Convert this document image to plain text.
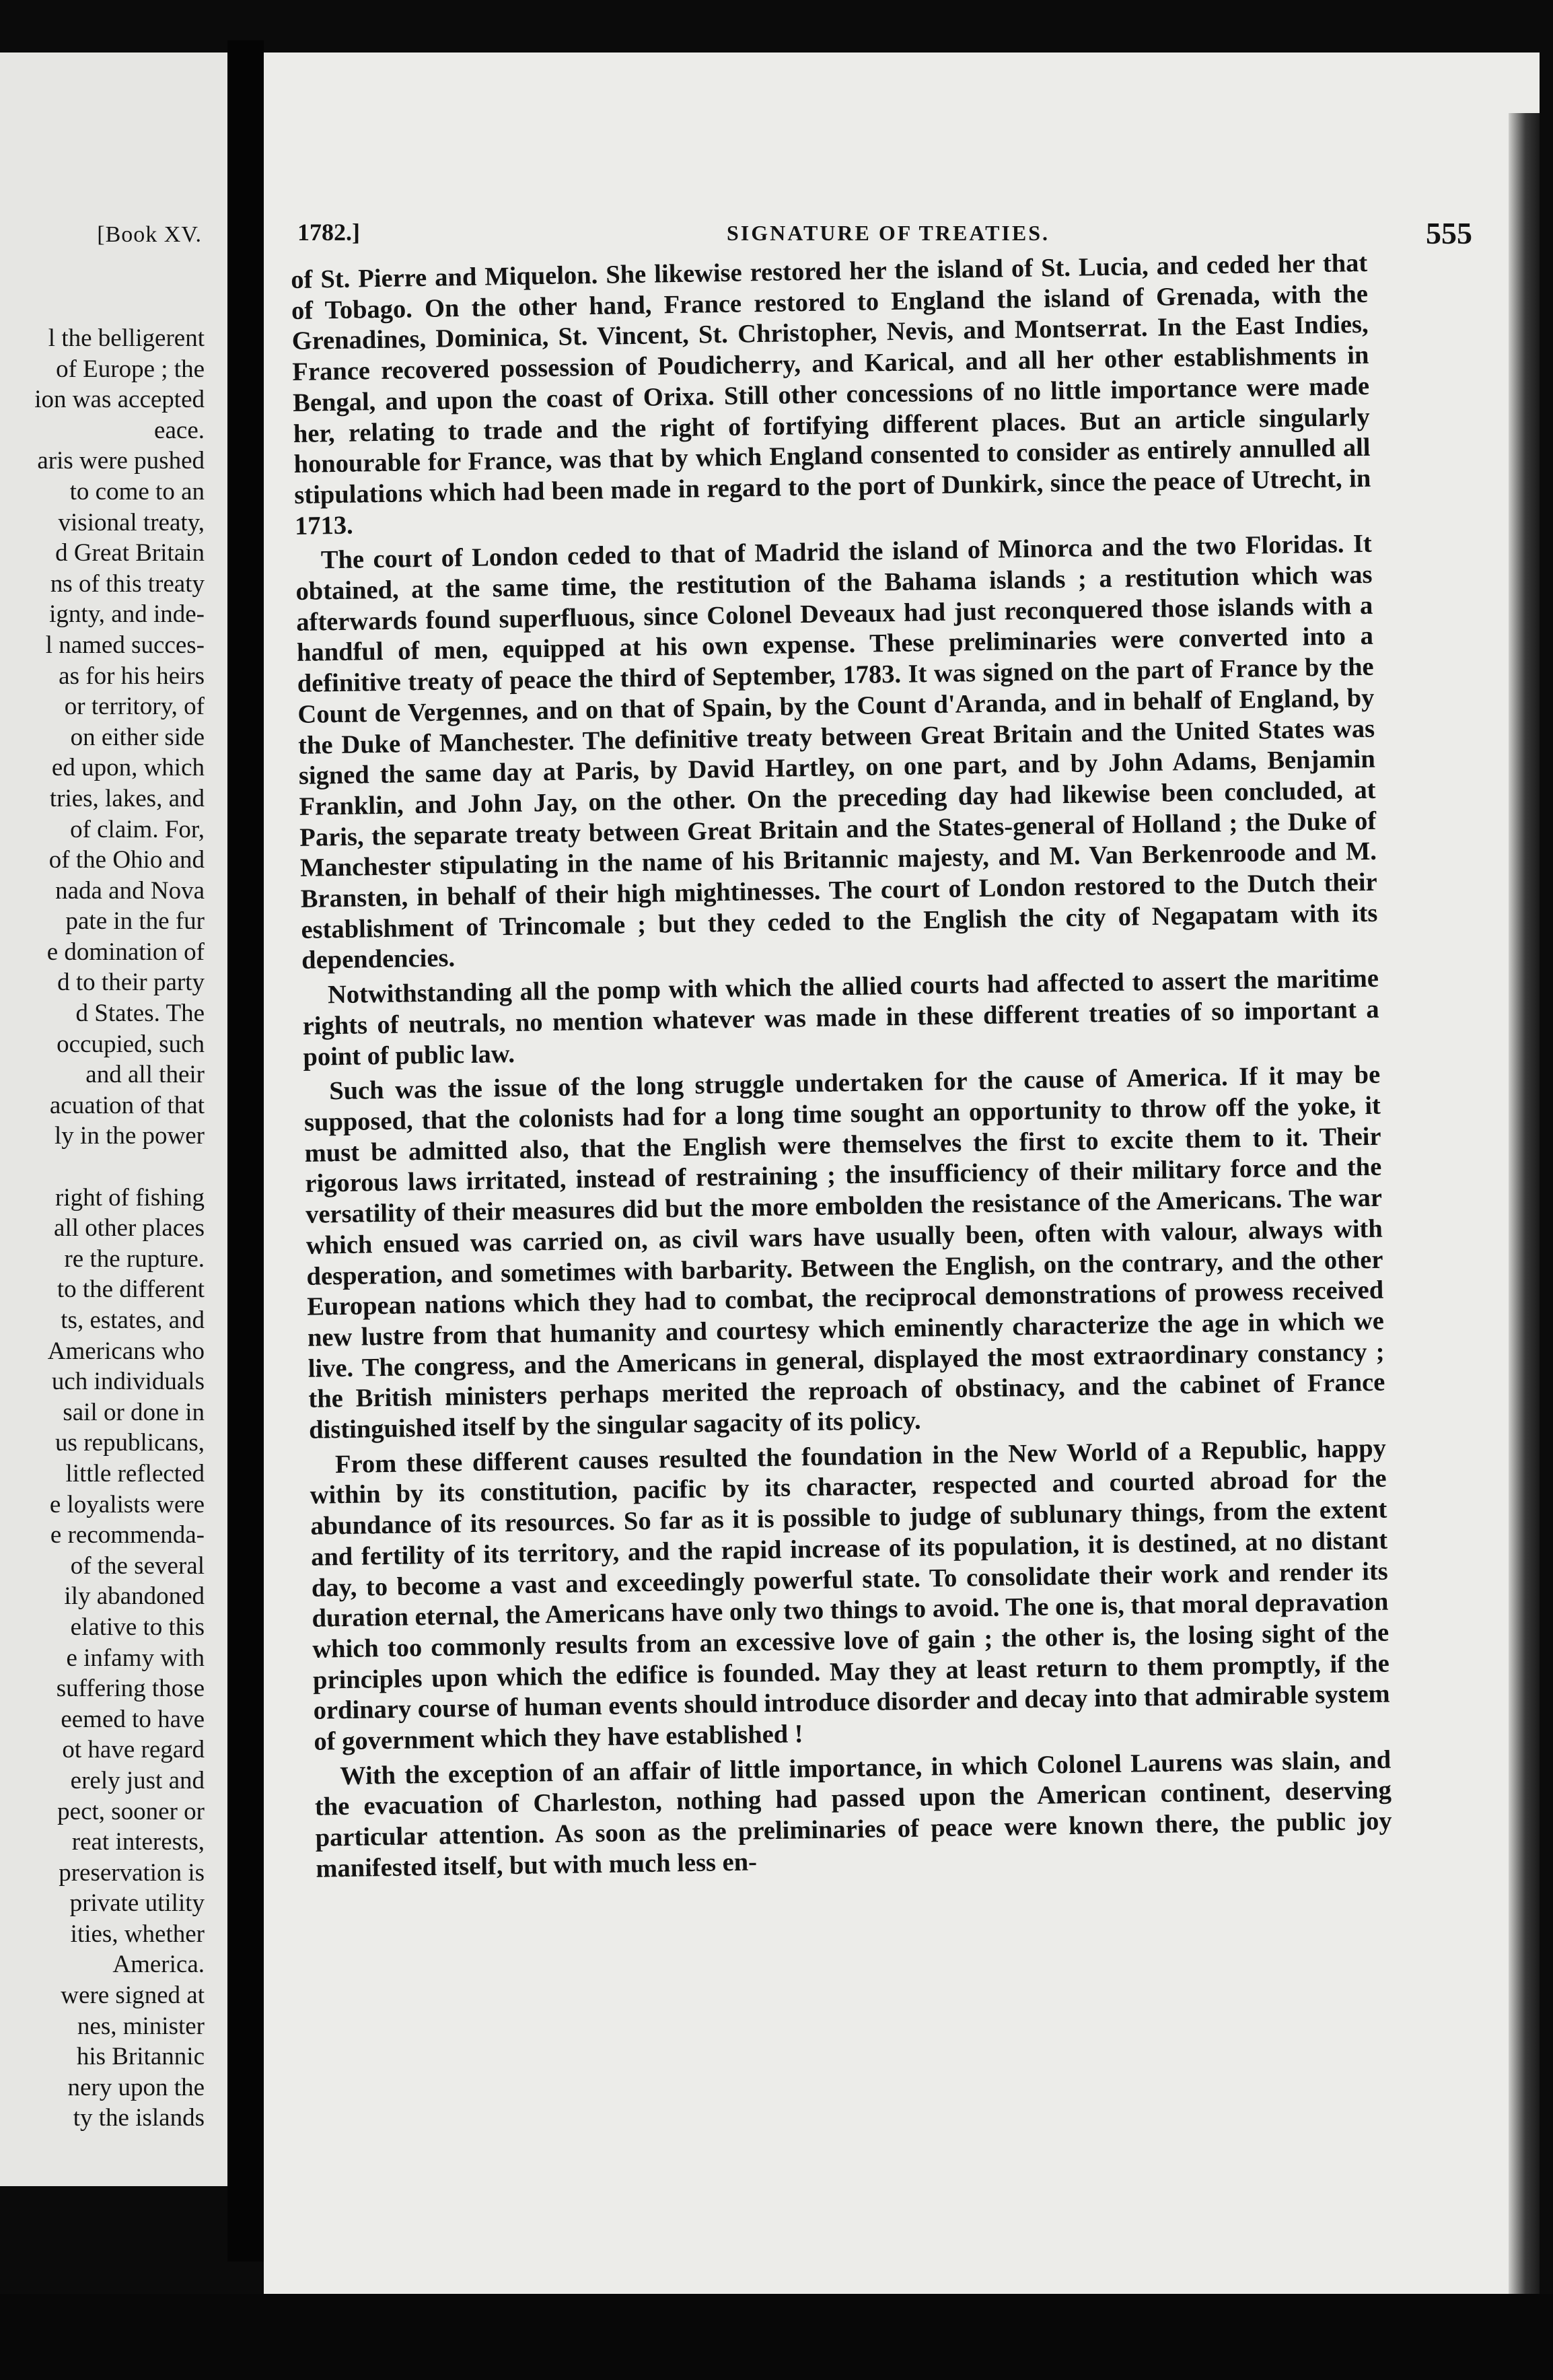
[Book XV.
l the belligerent
of Europe ; the
ion was accepted
eace.
aris were pushed
to come to an
visional treaty,
d Great Britain
ns of this treaty
ignty, and inde-
l named succes-
as for his heirs
or territory, of
on either side
ed upon, which
tries, lakes, and
of claim. For,
of the Ohio and
nada and Nova
pate in the fur
e domination of
d to their party
d States. The
occupied, such
and all their
acuation of that
ly in the power
right of fishing
all other places
re the rupture.
to the different
ts, estates, and
Americans who
uch individuals
sail or done in
us republicans,
little reflected
e loyalists were
e recommenda-
of the several
ily abandoned
elative to this
e infamy with
suffering those
eemed to have
ot have regard
erely just and
pect, sooner or
reat interests,
preservation is
private utility
ities, whether
America.
were signed at
nes, minister
his Britannic
nery upon the
ty the islands
1782.]	SIGNATURE OF TREATIES.	555

of St. Pierre and Miquelon. She likewise restored her the island of St. Lucia, and ceded her that of Tobago. On the other hand, France restored to England the island of Grenada, with the Grenadines, Dominica, St. Vincent, St. Christopher, Nevis, and Montserrat. In the East Indies, France recovered possession of Poudicherry, and Karical, and all her other establishments in Bengal, and upon the coast of Orixa. Still other concessions of no little importance were made her, relating to trade and the right of fortifying different places. But an article singularly honourable for France, was that by which England consented to consider as entirely annulled all stipulations which had been made in regard to the port of Dunkirk, since the peace of Utrecht, in 1713.

The court of London ceded to that of Madrid the island of Minorca and the two Floridas. It obtained, at the same time, the restitution of the Bahama islands ; a restitution which was afterwards found superfluous, since Colonel Deveaux had just reconquered those islands with a handful of men, equipped at his own expense. These preliminaries were converted into a definitive treaty of peace the third of September, 1783. It was signed on the part of France by the Count de Vergennes, and on that of Spain, by the Count d'Aranda, and in behalf of England, by the Duke of Manchester. The definitive treaty between Great Britain and the United States was signed the same day at Paris, by David Hartley, on one part, and by John Adams, Benjamin Franklin, and John Jay, on the other. On the preceding day had likewise been concluded, at Paris, the separate treaty between Great Britain and the States-general of Holland ; the Duke of Manchester stipulating in the name of his Britannic majesty, and M. Van Berkenroode and M. Bransten, in behalf of their high mightinesses. The court of London restored to the Dutch their establishment of Trincomale ; but they ceded to the English the city of Negapatam with its dependencies.

Notwithstanding all the pomp with which the allied courts had affected to assert the maritime rights of neutrals, no mention whatever was made in these different treaties of so important a point of public law.

Such was the issue of the long struggle undertaken for the cause of America. If it may be supposed, that the colonists had for a long time sought an opportunity to throw off the yoke, it must be admitted also, that the English were themselves the first to excite them to it. Their rigorous laws irritated, instead of restraining ; the insufficiency of their military force and the versatility of their measures did but the more embolden the resistance of the Americans. The war which ensued was carried on, as civil wars have usually been, often with valour, always with desperation, and sometimes with barbarity. Between the English, on the contrary, and the other European nations which they had to combat, the reciprocal demonstrations of prowess received new lustre from that humanity and courtesy which eminently characterize the age in which we live. The congress, and the Americans in general, displayed the most extraordinary constancy ; the British ministers perhaps merited the reproach of obstinacy, and the cabinet of France distinguished itself by the singular sagacity of its policy.

From these different causes resulted the foundation in the New World of a Republic, happy within by its constitution, pacific by its character, respected and courted abroad for the abundance of its resources. So far as it is possible to judge of sublunary things, from the extent and fertility of its territory, and the rapid increase of its population, it is destined, at no distant day, to become a vast and exceedingly powerful state. To consolidate their work and render its duration eternal, the Americans have only two things to avoid. The one is, that moral depravation which too commonly results from an excessive love of gain ; the other is, the losing sight of the principles upon which the edifice is founded. May they at least return to them promptly, if the ordinary course of human events should introduce disorder and decay into that admirable system of government which they have established !

With the exception of an affair of little importance, in which Colonel Laurens was slain, and the evacuation of Charleston, nothing had passed upon the American continent, deserving particular attention. As soon as the preliminaries of peace were known there, the public joy manifested itself, but with much less en-
